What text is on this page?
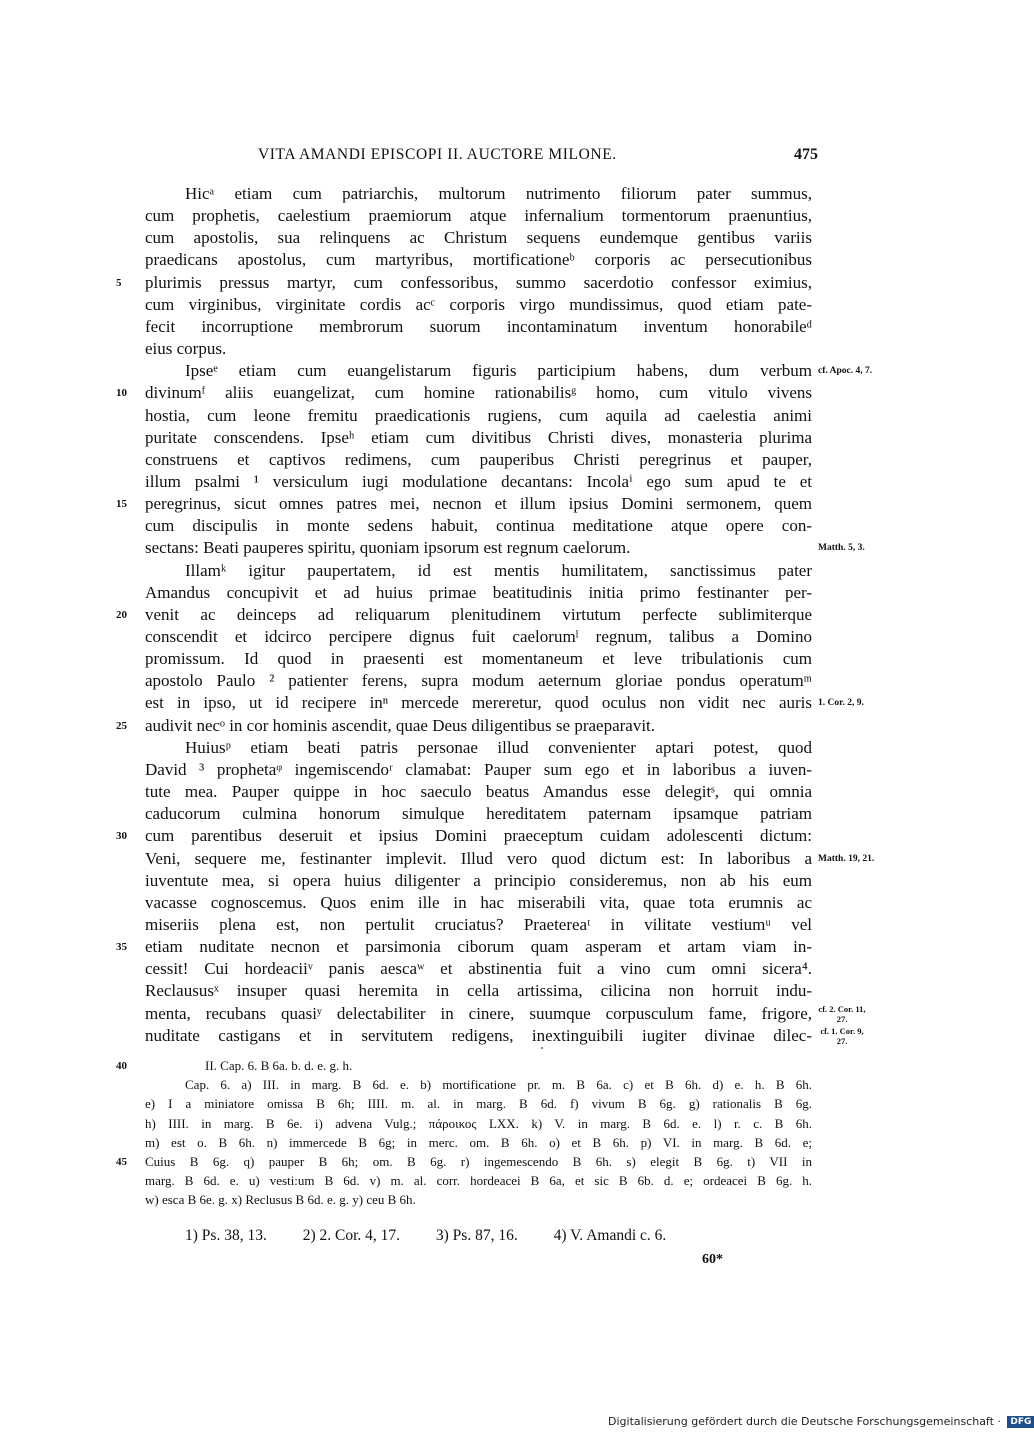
VITA AMANDI EPISCOPI II. AUCTORE MILONE.	475
Hicᵃ etiam cum patriarchis, multorum nutrimento filiorum pater summus,
cum prophetis, caelestium praemiorum atque infernalium tormentorum praenuntius,
cum apostolis, sua relinquens ac Christum sequens eundemque gentibus variis
praedicans apostolus, cum martyribus, mortificationeᵇ corporis ac persecutionibus
plurimis pressus martyr, cum confessoribus, summo sacerdotio confessor eximius,
5
cum virginibus, virginitate cordis acᶜ corporis virgo mundissimus, quod etiam pate-
fecit incorruptione membrorum suorum incontaminatum inventum honorabileᵈ
eius corpus.
Ipseᵉ etiam cum euangelistarum figuris participium habens, dum verbum cf. Apoc. 4, 7.
divinumᶠ aliis euangelizat, cum homine rationabilisᵍ homo, cum vitulo vivens
10
hostia, cum leone fremitu praedicationis rugiens, cum aquila ad caelestia animi
puritate conscendens. Ipseʰ etiam cum divitibus Christi dives, monasteria plurima
construens et captivos redimens, cum pauperibus Christi peregrinus et pauper,
illum psalmi ¹ versiculum iugi modulatione decantans: Incolaⁱ ego sum apud te et
peregrinus, sicut omnes patres mei, necnon et illum ipsius Domini sermonem, quem
15
cum discipulis in monte sedens habuit, continua meditatione atque opere con-
sectans: Beati pauperes spiritu, quoniam ipsorum est regnum caelorum.	Matth. 5, 3.
Illamᵏ igitur paupertatem, id est mentis humilitatem, sanctissimus pater
Amandus concupivit et ad huius primae beatitudinis initia primo festinanter per-
venit ac deinceps ad reliquarum plenitudinem virtutum perfecte sublimiterque
20
conscendit et idcirco percipere dignus fuit caelorumˡ regnum, talibus a Domino
promissum. Id quod in praesenti est momentaneum et leve tribulationis cum
apostolo Paulo ² patienter ferens, supra modum aeternum gloriae pondus operatumᵐ
est in ipso, ut id recipere inⁿ mercede mereretur, quod oculus non vidit nec auris 1. Cor. 2, 9.
audivit necᵒ in cor hominis ascendit, quae Deus diligentibus se praeparavit.
25
Huiusᵖ etiam beati patris personae illud convenienter aptari potest, quod
David ³ prophetaᵠ ingemiscendoʳ clamabat: Pauper sum ego et in laboribus a iuven-
tute mea. Pauper quippe in hoc saeculo beatus Amandus esse delegitˢ, qui omnia
caducorum culmina honorum simulque hereditatem paternam ipsamque patriam
cum parentibus deseruit et ipsius Domini praeceptum cuidam adolescenti dictum:
30
Veni, sequere me, festinanter implevit. Illud vero quod dictum est: In laboribus a Matth. 19, 21.
iuventute mea, si opera huius diligenter a principio consideremus, non ab his eum
vacasse cognoscemus. Quos enim ille in hac miserabili vita, quae tota erumnis ac
miseriis plena est, non pertulit cruciatus? Praetereaᵗ in vilitate vestiumᵘ vel
etiam nuditate necnon et parsimonia ciborum quam asperam et artam viam in-
35
cessit! Cui hordeaciiᵛ panis aescaʷ et abstinentia fuit a vino cum omni sicera⁴.
Reclaususˣ insuper quasi heremita in cella artissima, cilicina non horruit indu-
menta, recubans quasiʸ delectabiliter in cinere, suumque corpusculum fame, frigore, cf. 2. Cor. 11, 27.
nuditate castigans et in servitutem redigens, inextinguibili iugiter divinae dilec- cf. 1. Cor. 9, 27.
II. Cap. 6. B 6a. b. d. e. g. h.
40
Cap. 6. a) III. in marg. B 6d. e. b) mortificatione pr. m. B 6a. c) et B 6h. d) e. h. B 6h.
e) I a miniatore omissa B 6h; IIII. m. al. in marg. B 6d. f) vivum B 6g. g) rationalis B 6g.
h) IIII. in marg. B 6e. i) advena Vulg.; πάροικος LXX. k) V. in marg. B 6d. e. l) r. c. B 6h.
m) est o. B 6h. n) immercede B 6g; in merc. om. B 6h. o) et B 6h. p) VI. in marg. B 6d. e;
Cuius B 6g. q) pauper B 6h; om. B 6g. r) ingemescendo B 6h. s) elegit B 6g. t) VII in
45
marg. B 6d. e. u) vesti:um B 6d. v) m. al. corr. hordeacei B 6a, et sic B 6b. d. e; ordeacei B 6g. h.
w) esca B 6e. g. x) Reclusus B 6d. e. g. y) ceu B 6h.
1) Ps. 38, 13. 2) 2. Cor. 4, 17. 3) Ps. 87, 16. 4) V. Amandi c. 6.
60*
Digitalisierung gefördert durch die Deutsche Forschungsgemeinschaft · DFG
